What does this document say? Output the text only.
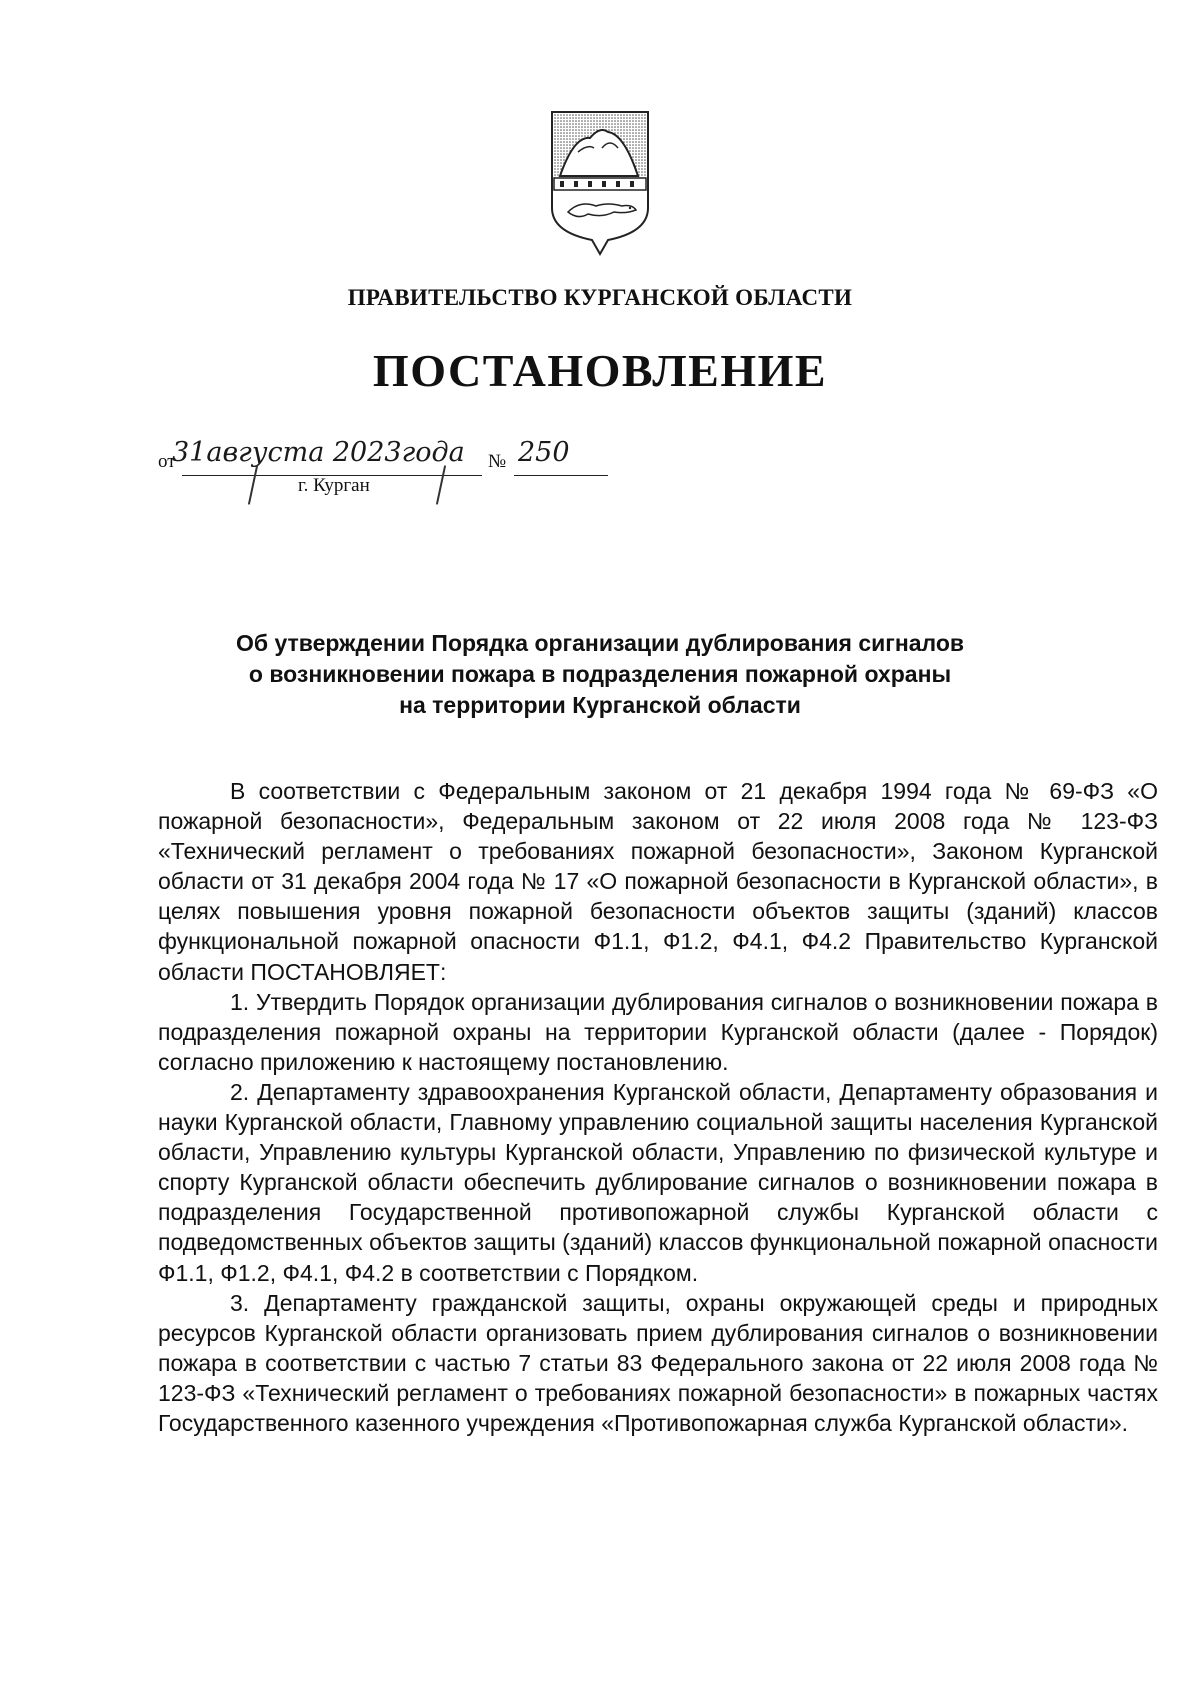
ПРАВИТЕЛЬСТВО КУРГАНСКОЙ ОБЛАСТИ
ПОСТАНОВЛЕНИЕ
от
31августа 2023года № 250
г. Курган
Об утверждении Порядка организации дублирования сигналов
о возникновении пожара в подразделения пожарной охраны
на территории Курганской области

В соответствии с Федеральным законом от 21 декабря 1994 года № 69-ФЗ «О пожарной безопасности», Федеральным законом от 22 июля 2008 года № 123-ФЗ «Технический регламент о требованиях пожарной безопасности», Законом Курганской области от 31 декабря 2004 года № 17 «О пожарной безопасности в Курганской области», в целях повышения уровня пожарной безопасности объектов защиты (зданий) классов функциональной пожарной опасности Ф1.1, Ф1.2, Ф4.1, Ф4.2 Правительство Курганской области ПОСТАНОВЛЯЕТ:

1. Утвердить Порядок организации дублирования сигналов о возникновении пожара в подразделения пожарной охраны на территории Курганской области (далее - Порядок) согласно приложению к настоящему постановлению.

2. Департаменту здравоохранения Курганской области, Департаменту образования и науки Курганской области, Главному управлению социальной защиты населения Курганской области, Управлению культуры Курганской области, Управлению по физической культуре и спорту Курганской области обеспечить дублирование сигналов о возникновении пожара в подразделения Государственной противопожарной службы Курганской области с подведомственных объектов защиты (зданий) классов функциональной пожарной опасности Ф1.1, Ф1.2, Ф4.1, Ф4.2 в соответствии с Порядком.

3. Департаменту гражданской защиты, охраны окружающей среды и природных ресурсов Курганской области организовать прием дублирования сигналов о возникновении пожара в соответствии с частью 7 статьи 83 Федерального закона от 22 июля 2008 года № 123-ФЗ «Технический регламент о требованиях пожарной безопасности» в пожарных частях Государственного казенного учреждения «Противопожарная служба Курганской области».
